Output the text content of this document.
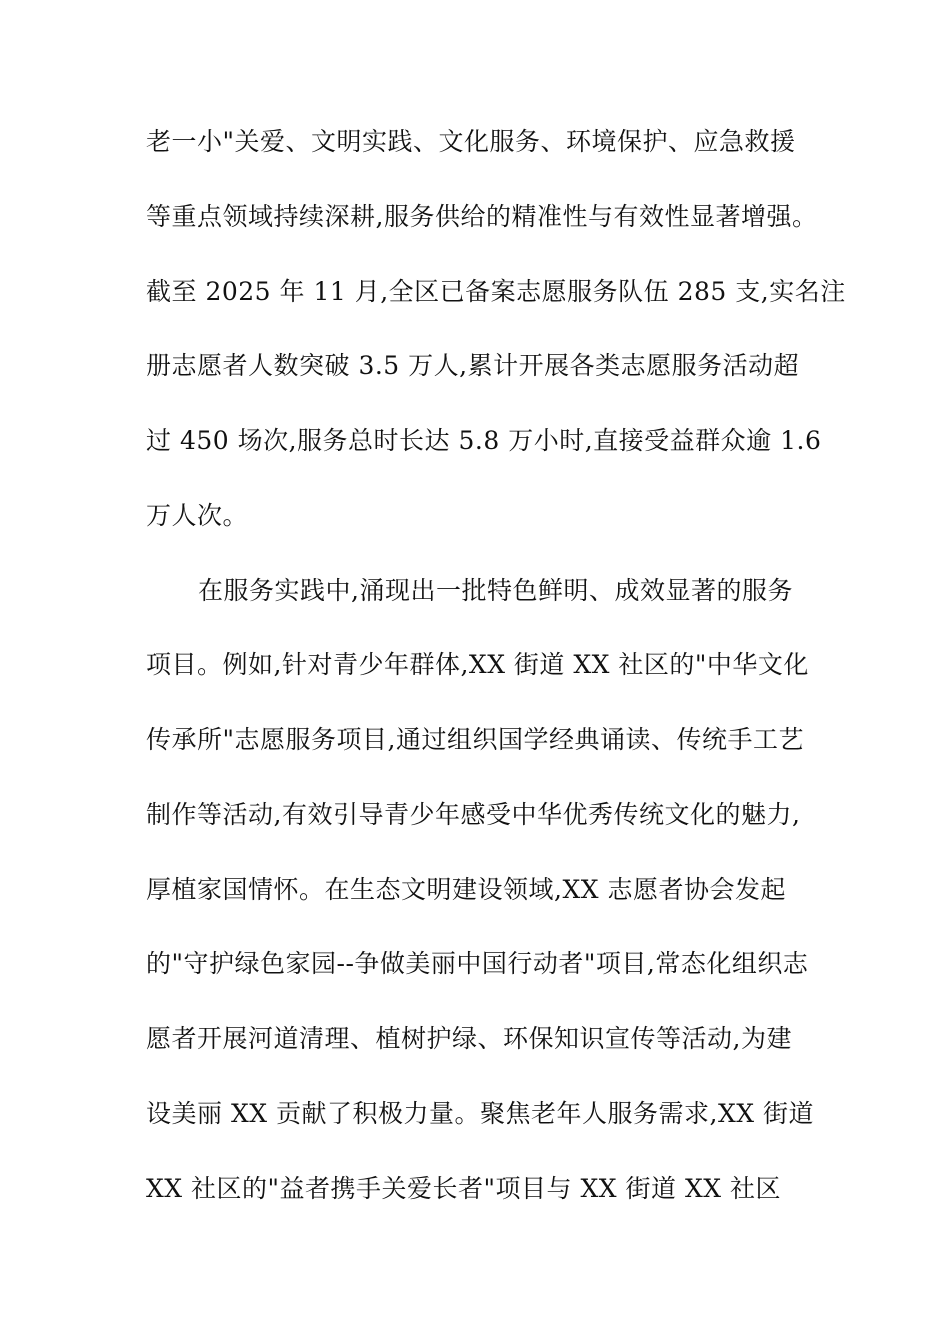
老一小"关爱、文明实践、文化服务、环境保护、应急救援
等重点领域持续深耕,服务供给的精准性与有效性显著增强。
截至 2025 年 11 月,全区已备案志愿服务队伍 285 支,实名注
册志愿者人数突破 3.5 万人,累计开展各类志愿服务活动超
过 450 场次,服务总时长达 5.8 万小时,直接受益群众逾 1.6
万人次。
在服务实践中,涌现出一批特色鲜明、成效显著的服务
项目。例如,针对青少年群体,XX 街道 XX 社区的"中华文化
传承所"志愿服务项目,通过组织国学经典诵读、传统手工艺
制作等活动,有效引导青少年感受中华优秀传统文化的魅力,
厚植家国情怀。在生态文明建设领域,XX 志愿者协会发起
的"守护绿色家园--争做美丽中国行动者"项目,常态化组织志
愿者开展河道清理、植树护绿、环保知识宣传等活动,为建
设美丽 XX 贡献了积极力量。聚焦老年人服务需求,XX 街道
XX 社区的"益者携手关爱长者"项目与 XX 街道 XX 社区
